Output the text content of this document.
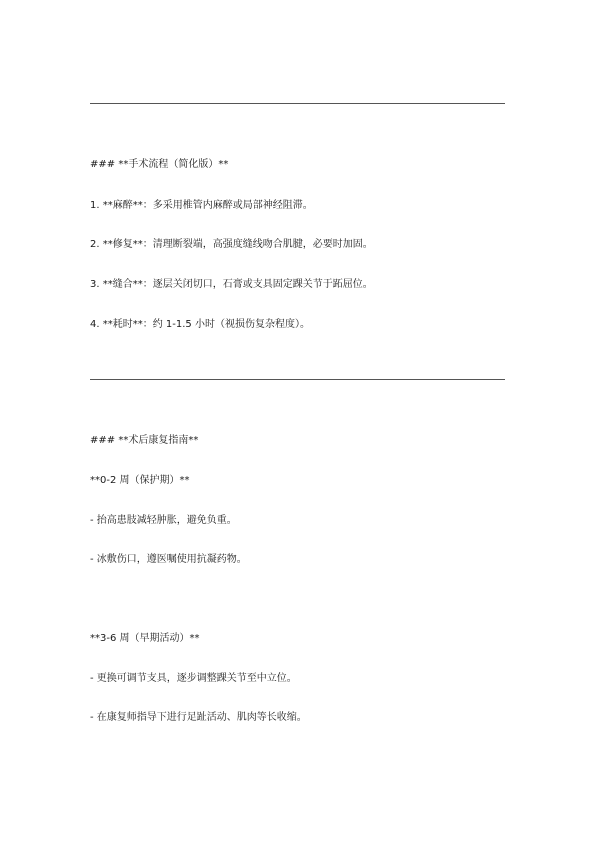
### **手术流程（简化版）**
1. **麻醉**：多采用椎管内麻醉或局部神经阻滞。
2. **修复**：清理断裂端，高强度缝线吻合肌腱，必要时加固。
3. **缝合**：逐层关闭切口，石膏或支具固定踝关节于跖屈位。
4. **耗时**：约 1-1.5 小时（视损伤复杂程度）。
### **术后康复指南**
**0-2 周（保护期）**
- 抬高患肢减轻肿胀，避免负重。
- 冰敷伤口，遵医嘱使用抗凝药物。
**3-6 周（早期活动）**
- 更换可调节支具，逐步调整踝关节至中立位。
- 在康复师指导下进行足趾活动、肌肉等长收缩。
